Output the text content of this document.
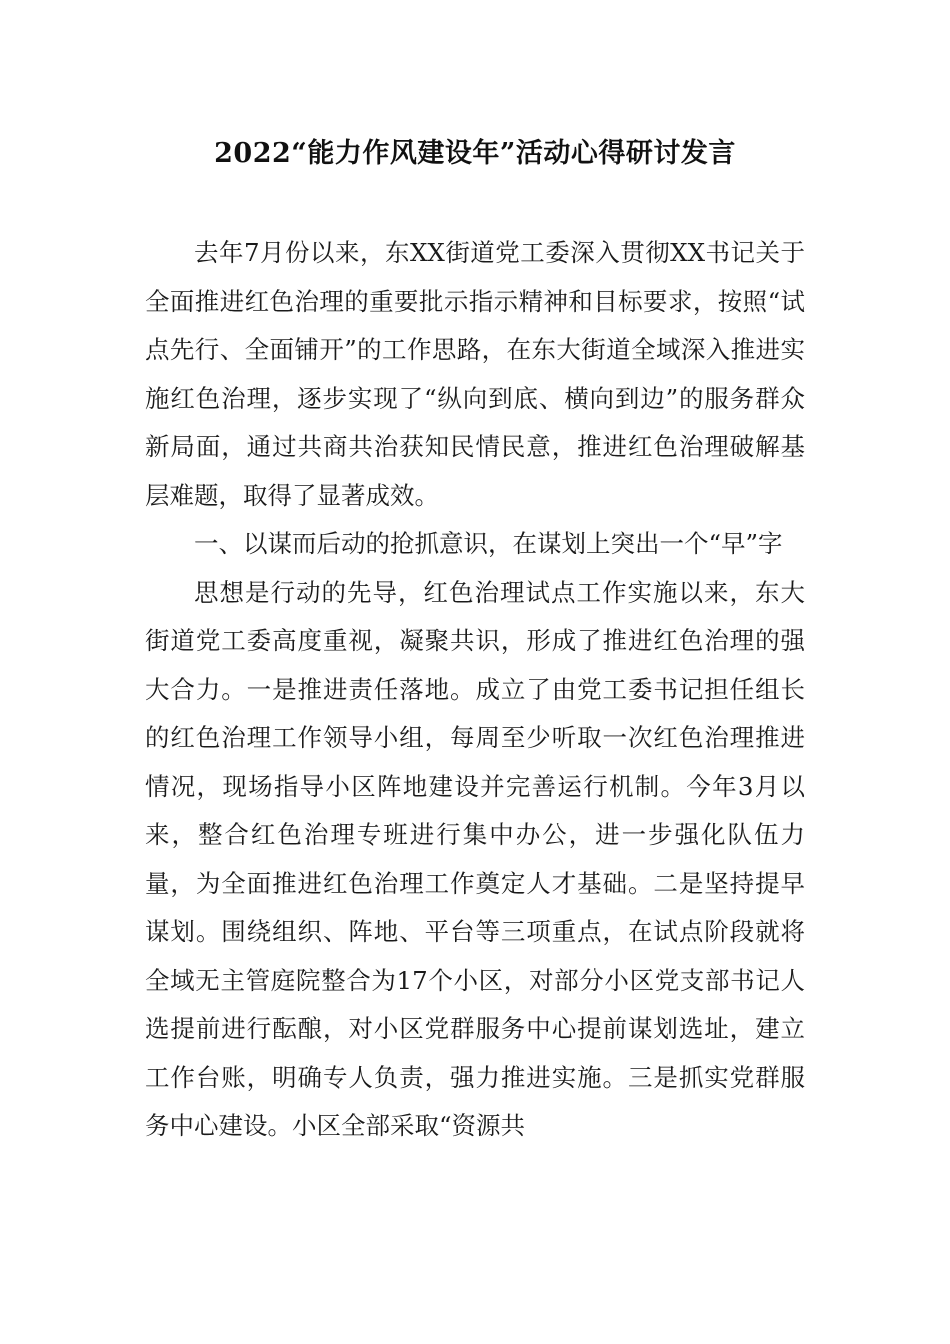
2022“能力作风建设年”活动心得研讨发言

去年7月份以来，东XX街道党工委深入贯彻XX书记关于全面推进红色治理的重要批示指示精神和目标要求，按照“试点先行、全面铺开”的工作思路，在东大街道全域深入推进实施红色治理，逐步实现了“纵向到底、横向到边”的服务群众新局面，通过共商共治获知民情民意，推进红色治理破解基层难题，取得了显著成效。

一、以谋而后动的抢抓意识，在谋划上突出一个“早”字

思想是行动的先导，红色治理试点工作实施以来，东大街道党工委高度重视，凝聚共识，形成了推进红色治理的强大合力。一是推进责任落地。成立了由党工委书记担任组长的红色治理工作领导小组，每周至少听取一次红色治理推进情况，现场指导小区阵地建设并完善运行机制。今年3月以来，整合红色治理专班进行集中办公，进一步强化队伍力量，为全面推进红色治理工作奠定人才基础。二是坚持提早谋划。围绕组织、阵地、平台等三项重点，在试点阶段就将全域无主管庭院整合为17个小区，对部分小区党支部书记人选提前进行酝酿，对小区党群服务中心提前谋划选址，建立工作台账，明确专人负责，强力推进实施。三是抓实党群服务中心建设。小区全部采取“资源共
